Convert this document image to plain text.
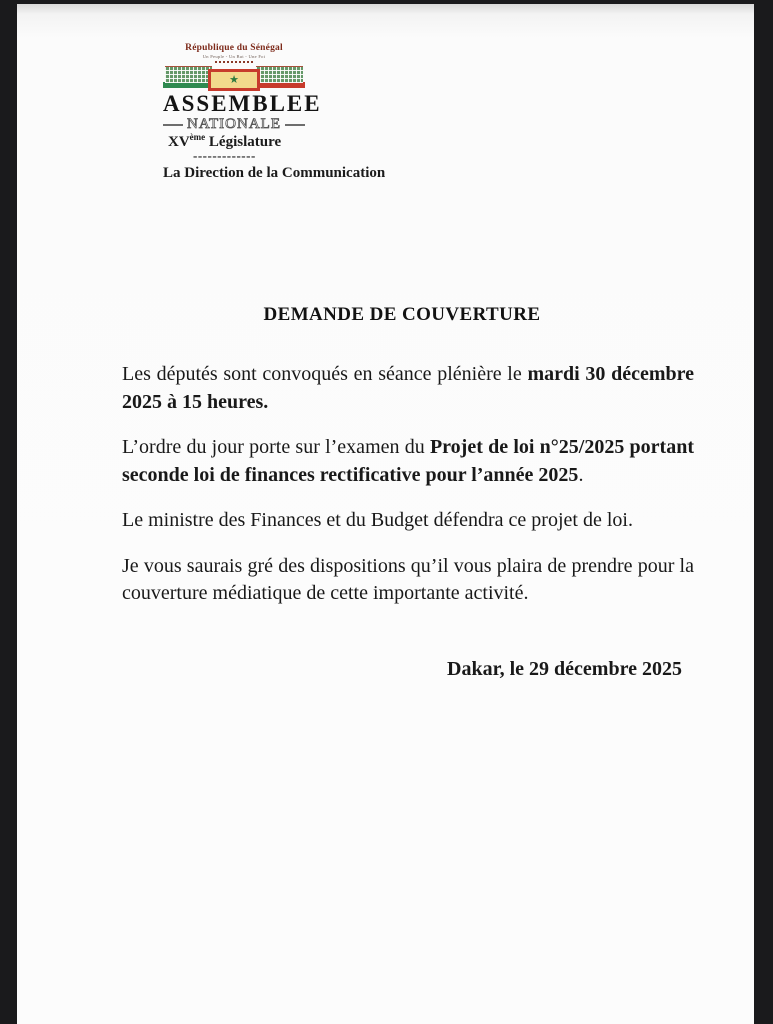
République du Sénégal
Un Peuple - Un But - Une Foi
★
ASSEMBLEE
NATIONALE
XVème Législature
-------------
La Direction de la Communication
DEMANDE DE COUVERTURE

Les députés sont convoqués en séance plénière le mardi 30 décembre 2025 à 15 heures.

L’ordre du jour porte sur l’examen du Projet de loi n°25/2025 portant seconde loi de finances rectificative pour l’année 2025.

Le ministre des Finances et du Budget défendra ce projet de loi.

Je vous saurais gré des dispositions qu’il vous plaira de prendre pour la couverture médiatique de cette importante activité.

Dakar, le 29 décembre 2025
